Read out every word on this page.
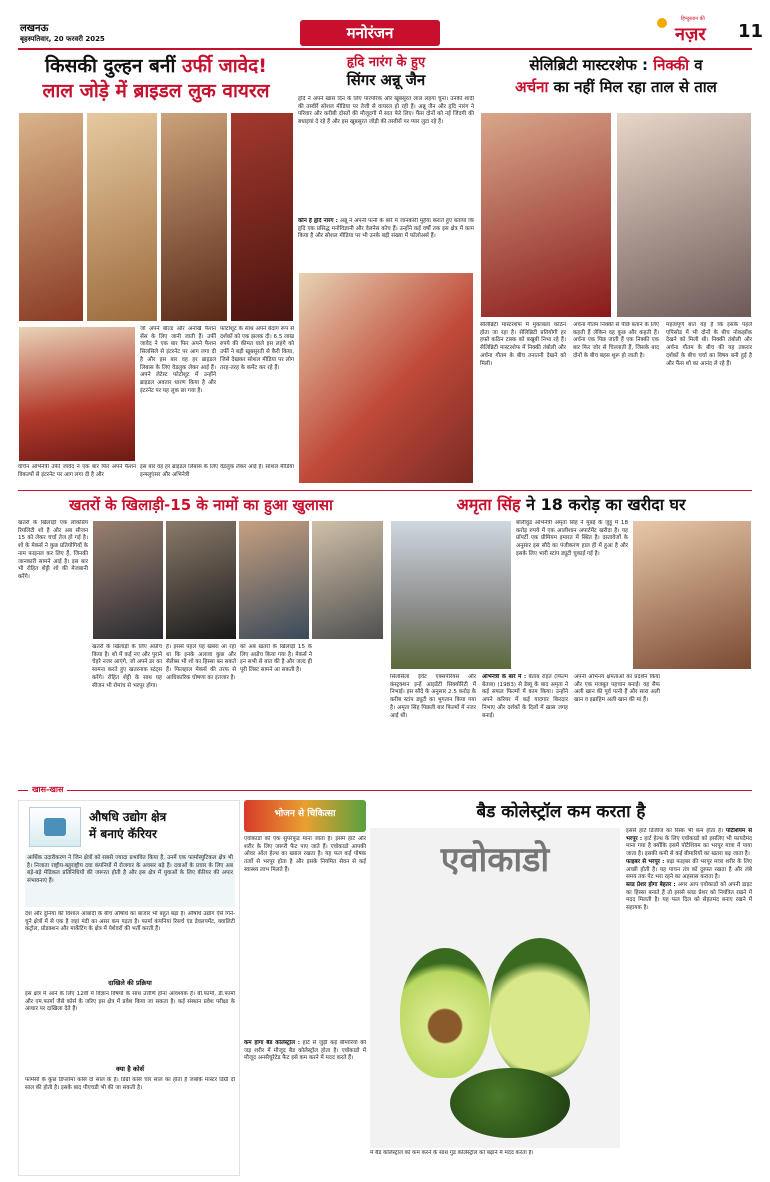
लखनऊ
बृहस्पतिवार, 20 फरवरी 2025	मनोरंजन
हिन्दुस्तान की
नज़र 11
किसकी दुल्हन बनीं उर्फी जावेद!
लाल जोड़े में ब्राइडल लुक वायरल
वर्चिन अभिनेत्री उर्फी जावेद ने एक बार फिर अपने फैशन विकल्पों से इंटरनेट पर आग लगा दी है और
जो अपने बोल्ड और अनोखे फैशन सेंस के लिए जानी जाती हैं। उर्फी जावेद ने एक बार फिर अपने फैशन सिलसिले से इंटरनेट पर आग लगा दी है और इस बार वह हर ब्राइडल लिबास के लिए वेडलुक लेकर आई हैं। अपने लेटेस्ट फोटोशूट में उन्होंने ब्राइडल अवतार धारण किया है और इंटरनेट पर यह लुक छा गया है।
फोटोशूट के साथ अपने बेदाग रूप से दर्शकों को एक झलक दी। 6.5 लाख रुपये की कीमत वाले इस लहंगे को उर्फी ने बड़ी खूबसूरती से कैरी किया, जिसे देखकर सोशल मीडिया पर लोग तरह-तरह के कमेंट कर रहे हैं।
इस बार वह हर ब्राइडल लिबास के लिए वेडलुक लेकर आई हैं। सोशल मीडिया इन्फ्लुएंसर और अभिनेत्री
हृदि नारंग के हुए
सिंगर अन्नू जैन
हृदि ने अपने खास दिन के लिए पारंपरिक और खूबसूरत लाल लहंगा चुना। उनकी शादी की तस्वीरें सोशल मीडिया पर तेजी से वायरल हो रही हैं। अन्नू जैन और हृदि नारंग ने परिवार और करीबी दोस्तों की मौजूदगी में सात फेरे लिए। फैंस दोनों को नई जिंदगी की बधाइयां दे रहे हैं और इस खूबसूरत जोड़ी की तस्वीरों पर प्यार लुटा रहे हैं।
कौन है हृदि नारंग : अन्नू ने अपनी पत्नी के बारे में जानकारी मुहैया कराते हुए बताया कि हृदि एक प्रसिद्ध मनोविज्ञानी और वेलनेस कोच हैं। उन्होंने कई वर्षों तक इस क्षेत्र में काम किया है और सोशल मीडिया पर भी उनके बड़ी संख्या में फॉलोअर्स हैं।
सेलिब्रिटी मास्टरशेफ : निक्की व
अर्चना का नहीं मिल रहा ताल से ताल
सेलिब्रिटी मास्टरशेफ में मुकाबला कठिन होता जा रहा है। सेलिब्रिटी प्रतियोगी हर हफ्ते कठिन टास्क को बखूबी निभा रहे हैं। सेलिब्रिटी मास्टरशेफ में निक्की तंबोली और अर्चना गौतम के बीच तनातनी देखने को मिली।
अर्चना गौतम निक्की से पीछे बताने के लिए कहती हैं लेकिन वह कुछ और कहती हैं। अर्चना एक पिछ जाती हैं एक निक्की एक बार फिर जोर से चिल्लाती हैं, जिसके बाद दोनों के बीच बहस शुरू हो जाती है।
महत्वपूर्ण बात यह है कि इसके पहले एपिसोड में भी दोनों के बीच नोकझोंक देखने को मिली थी। निक्की तंबोली और अर्चना गौतम के बीच की यह तकरार दर्शकों के बीच चर्चा का विषय बनी हुई है और फैंस शो का आनंद ले रहे हैं।
खतरों के खिलाड़ी-15 के नामों का हुआ खुलासा
खतरों के खिलाड़ी एक लोकप्रिय रियलिटी शो है और अब सीजन 15 को लेकर चर्चा तेज हो गई है। शो के मेकर्स ने कुछ प्रतियोगियों के नाम फाइनल कर लिए हैं, जिनकी जानकारी सामने आई है। इस बार भी रोहित शेट्टी शो की मेजबानी करेंगे।
खतरों के खिलाड़ी के लिए अप्रोच किया है। शो में कई नए और पुराने चेहरे नजर आएंगे, जो अपने डर का सामना करते हुए खतरनाक स्टंट्स करेंगे। रोहित शेट्टी के साथ यह सीजन भी रोमांच से भरपूर होगा।
है। इससे पहले यह खबरा आ रहा था कि इनके अलावा कुछ और सेलेब्स भी शो का हिस्सा बन सकते हैं। फिलहाल मेकर्स की तरफ से आधिकारिक घोषणा का इंतजार है।
को अब खतरों के खिलाड़ी 15 के लिए अप्रोच किया गया है। मेकर्स ने इन सभी से बात की है और जल्द ही पूरी लिस्ट सामने आ सकती है।
अमृता सिंह ने 18 करोड़ का खरीदा घर
बॉलीवुड अभिनेत्री अमृता सिंह ने मुंबई के जुहू में 18 करोड़ रुपये में एक आलीशान अपार्टमेंट खरीदा है। यह प्रॉपर्टी एक प्रीमियम इमारत में स्थित है। दस्तावेजों के अनुसार इस सौदे का पंजीकरण हाल ही में हुआ है और इसके लिए भारी स्टांप ड्यूटी चुकाई गई है।
सिलसिला ईवेंट एक्सपेरियंस और कंस्ट्रक्शन इन्हें आइडेंटी सिक्योरिटी में निभाई। इस सौदे के अनुसार 2.5 करोड़ के करीब स्टांप ड्यूटी का भुगतान किया गया है। अमृता सिंह पिछली बार फिल्मों में नजर आई थीं।
अभिनेत्री के बारे में : बेताब राहत (फिल्म बेताब) (1983) से डेब्यू के बाद अमृता ने कई सफल फिल्मों में काम किया। उन्होंने अपने करियर में कई यादगार किरदार निभाए और दर्शकों के दिलों में खास जगह बनाई।
अपनी अभिनय क्षमताओं का प्रदर्शन किया और एक मजबूत पहचान बनाई। वह सैफ अली खान की पूर्व पत्नी हैं और सारा अली खान व इब्राहिम अली खान की मां हैं।
खास-खास
औषधि उद्योग क्षेत्र
में बनाएं कॅरियर
आर्थिक उदारीकरण ने जिन क्षेत्रों को सबसे ज्यादा प्रभावित किया है, उनमें एक फार्मास्युटिकल क्षेत्र भी है। निजाता राष्ट्रीय-बहुराष्ट्रीय दवा कंपनियों में रोजगार के अवसर बढ़े हैं। दवाओं के प्रचार के लिए अब बड़े-बड़े मेडिकल प्रतिनिधियों की जरूरत होती है और इस क्षेत्र में युवाओं के लिए कॅरियर की अपार संभावनाएं हैं।
देश और दुनिया की विशाल आबादी के बीच औषधि का बाजार भी बहुत बड़ा है। औषधि उद्योग ऐसे गिने-चुने क्षेत्रों में से एक है जहां मंदी का असर कम पड़ता है। फार्मा कंपनियां रिसर्च एंड डेवलपमेंट, क्वालिटी कंट्रोल, प्रोडक्शन और मार्केटिंग के क्षेत्र में पेशेवरों की भर्ती करती हैं।
दाखिले की प्रक्रिया
इस क्षेत्र में आने के लिए 12वीं में विज्ञान विषयों के साथ उत्तीर्ण होना आवश्यक है। बी.फार्मा, डी.फार्मा और एम.फार्मा जैसे कोर्स के जरिए इस क्षेत्र में प्रवेश किया जा सकता है। कई संस्थान प्रवेश परीक्षा के आधार पर दाखिला देते हैं।
क्या है कोर्स
फार्मेसी के कुछ डिप्लोमा कोर्स दो साल के हैं। डिग्री कोर्स चार साल का होता है जबकि मास्टर डिग्री दो साल की होती है। इसके बाद पीएचडी भी की जा सकती है।
भोजन से चिकित्सा
एवोकाडो को एक सुपरफूड माना जाता है। इसमें हार्ट और शरीर के लिए जरूरी फैट पाए जाते हैं। एवोकाडो आपकी ओवर ऑल हेल्थ का ख्याल रखता है। यह फल कई पोषक तत्वों से भरपूर होता है और इसके नियमित सेवन से कई स्वास्थ्य लाभ मिलते हैं।
कम होगा बैड कोलेस्ट्रॉल : हार्ट से जुड़ी कई बीमारियों की जड़ शरीर में मौजूद बैड कोलेस्ट्रॉल होता है। एवोकाडो में मौजूद अनसैचुरेटेड फैट इसे कम करने में मदद करते हैं।
बैड कोलेस्ट्रॉल कम करता है
एवोकाडो
में बैड कोलेस्ट्रॉल को कम करने के साथ गुड कोलेस्ट्रॉल को बढ़ाने में मदद करता है।
इससे हार्ट डिजीज का रिस्क भी कम होता है। पोटैशियम से भरपूर : हार्ट हेल्थ के लिए एवोकाडो को इसलिए भी फायदेमंद माना गया है क्योंकि इसमें पोटैशियम का भरपूर मात्रा में पाया जाता है। इसकी कमी से कई बीमारियों का खतरा बढ़ जाता है।
फाइबर से भरपूर : बढ़ा फाइबर की भरपूर मात्रा शरीर के लिए अच्छी होती है। यह पाचन तंत्र को दुरुस्त रखता है और लंबे समय तक पेट भरा रहने का अहसास कराता है।
ब्लड प्रेशर होगा बेहतर : अगर आप एवोकाडो को अपनी डाइट का हिस्सा बनाते हैं तो इससे ब्लड प्रेशर को नियंत्रित रखने में मदद मिलती है। यह फल दिल को सेहतमंद बनाए रखने में सहायक है।
